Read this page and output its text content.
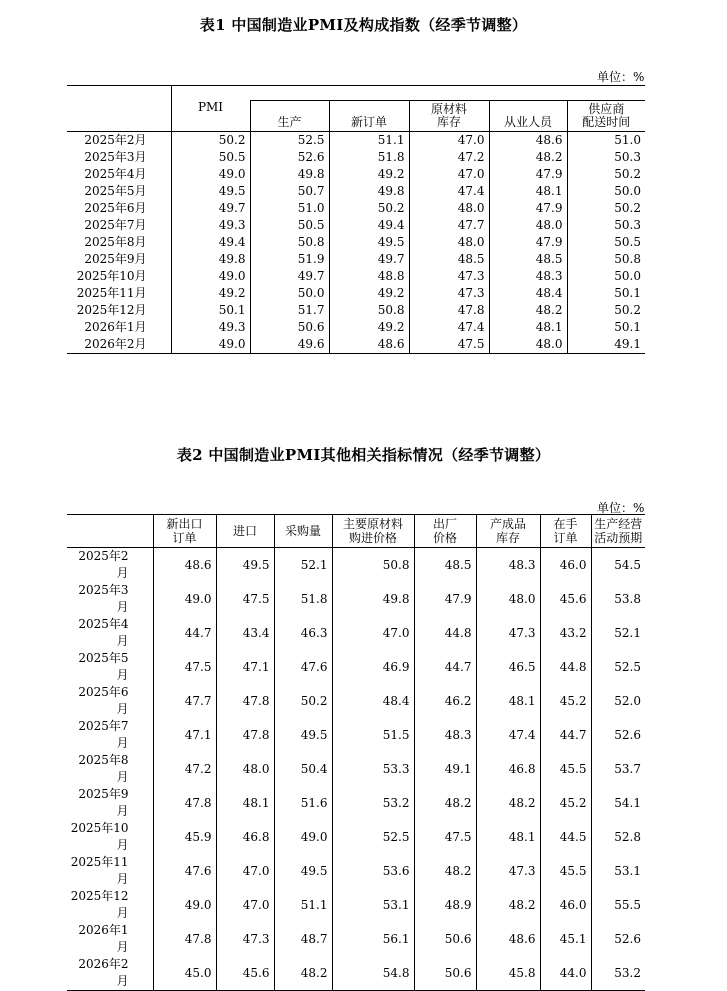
表1 中国制造业PMI及构成指数（经季节调整）
单位：%
	PMI					
		生产	新订单	原材料
库存	从业人员	供应商
配送时间
2025年2月	50.2	52.5	51.1	47.0	48.6	51.0
2025年3月	50.5	52.6	51.8	47.2	48.2	50.3
2025年4月	49.0	49.8	49.2	47.0	47.9	50.2
2025年5月	49.5	50.7	49.8	47.4	48.1	50.0
2025年6月	49.7	51.0	50.2	48.0	47.9	50.2
2025年7月	49.3	50.5	49.4	47.7	48.0	50.3
2025年8月	49.4	50.8	49.5	48.0	47.9	50.5
2025年9月	49.8	51.9	49.7	48.5	48.5	50.8
2025年10月	49.0	49.7	48.8	47.3	48.3	50.0
2025年11月	49.2	50.0	49.2	47.3	48.4	50.1
2025年12月	50.1	51.7	50.8	47.8	48.2	50.2
2026年1月	49.3	50.6	49.2	47.4	48.1	50.1
2026年2月	49.0	49.6	48.6	47.5	48.0	49.1
表2 中国制造业PMI其他相关指标情况（经季节调整）
单位：%
	新出口
订单	进口	采购量	主要原材料
购进价格	出厂
价格	产成品
库存	在手
订单	生产经营
活动预期
2025年2月	48.6	49.5	52.1	50.8	48.5	48.3	46.0	54.5
2025年3月	49.0	47.5	51.8	49.8	47.9	48.0	45.6	53.8
2025年4月	44.7	43.4	46.3	47.0	44.8	47.3	43.2	52.1
2025年5月	47.5	47.1	47.6	46.9	44.7	46.5	44.8	52.5
2025年6月	47.7	47.8	50.2	48.4	46.2	48.1	45.2	52.0
2025年7月	47.1	47.8	49.5	51.5	48.3	47.4	44.7	52.6
2025年8月	47.2	48.0	50.4	53.3	49.1	46.8	45.5	53.7
2025年9月	47.8	48.1	51.6	53.2	48.2	48.2	45.2	54.1
2025年10月	45.9	46.8	49.0	52.5	47.5	48.1	44.5	52.8
2025年11月	47.6	47.0	49.5	53.6	48.2	47.3	45.5	53.1
2025年12月	49.0	47.0	51.1	53.1	48.9	48.2	46.0	55.5
2026年1月	47.8	47.3	48.7	56.1	50.6	48.6	45.1	52.6
2026年2月	45.0	45.6	48.2	54.8	50.6	45.8	44.0	53.2
